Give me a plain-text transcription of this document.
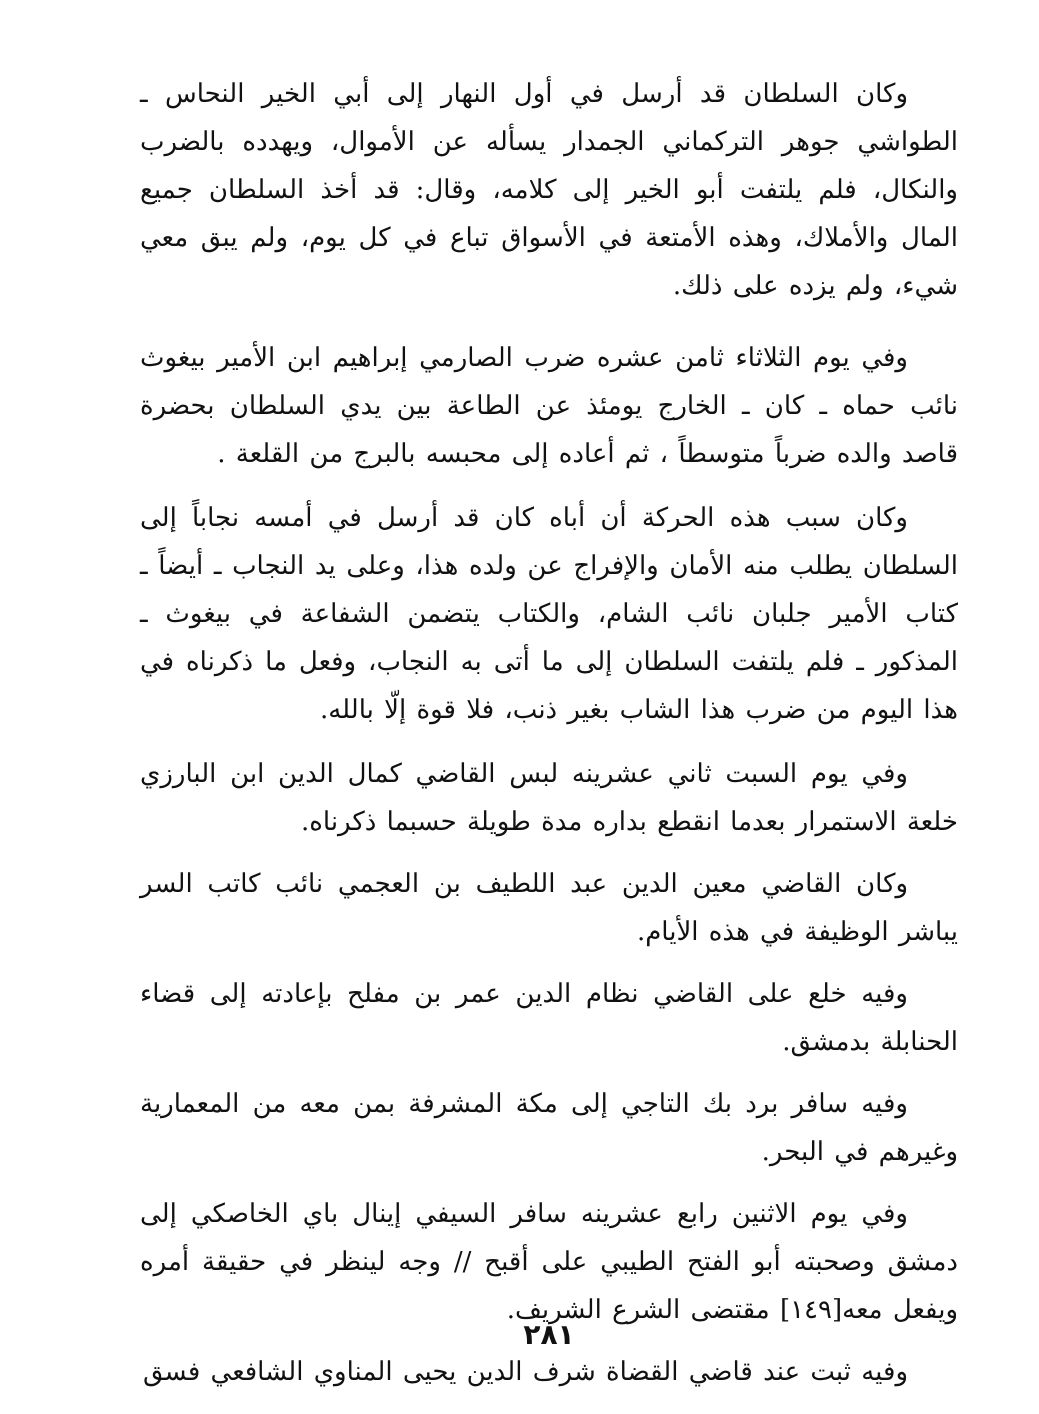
وكان السلطان قد أرسل في أول النهار إلى أبي الخير النحاس ـ الطواشي جوهر التركماني الجمدار يسأله عن الأموال، ويهدده بالضرب والنكال، فلم يلتفت أبو الخير إلى كلامه، وقال: قد أخذ السلطان جميع المال والأملاك، وهذه الأمتعة في الأسواق تباع في كل يوم، ولم يبق معي شيء، ولم يزده على ذلك.

وفي يوم الثلاثاء ثامن عشره ضرب الصارمي إبراهيم ابن الأمير بيغوث نائب حماه ـ كان ـ الخارج يومئذ عن الطاعة بين يدي السلطان بحضرة قاصد والده ضرباً متوسطاً ، ثم أعاده إلى محبسه بالبرج من القلعة .

وكان سبب هذه الحركة أن أباه كان قد أرسل في أمسه نجاباً إلى السلطان يطلب منه الأمان والإفراج عن ولده هذا، وعلى يد النجاب ـ أيضاً ـ كتاب الأمير جلبان نائب الشام، والكتاب يتضمن الشفاعة في بيغوث ـ المذكور ـ فلم يلتفت السلطان إلى ما أتى به النجاب، وفعل ما ذكرناه في هذا اليوم من ضرب هذا الشاب بغير ذنب، فلا قوة إلّا بالله.

وفي يوم السبت ثاني عشرينه لبس القاضي كمال الدين ابن البارزي خلعة الاستمرار بعدما انقطع بداره مدة طويلة حسبما ذكرناه.

وكان القاضي معين الدين عبد اللطيف بن العجمي نائب كاتب السر يباشر الوظيفة في هذه الأيام.

وفيه خلع على القاضي نظام الدين عمر بن مفلح بإعادته إلى قضاء الحنابلة بدمشق.

وفيه سافر برد بك التاجي إلى مكة المشرفة بمن معه من المعمارية وغيرهم في البحر.

وفي يوم الاثنين رابع عشرينه سافر السيفي إينال باي الخاصكي إلى دمشق وصحبته أبو الفتح الطيبي على أقبح // وجه لينظر في حقيقة أمره ويفعل معه[١٤٩] مقتضى الشرع الشريف.

وفيه ثبت عند قاضي القضاة شرف الدين يحيى المناوي الشافعي فسق

٢٨١
